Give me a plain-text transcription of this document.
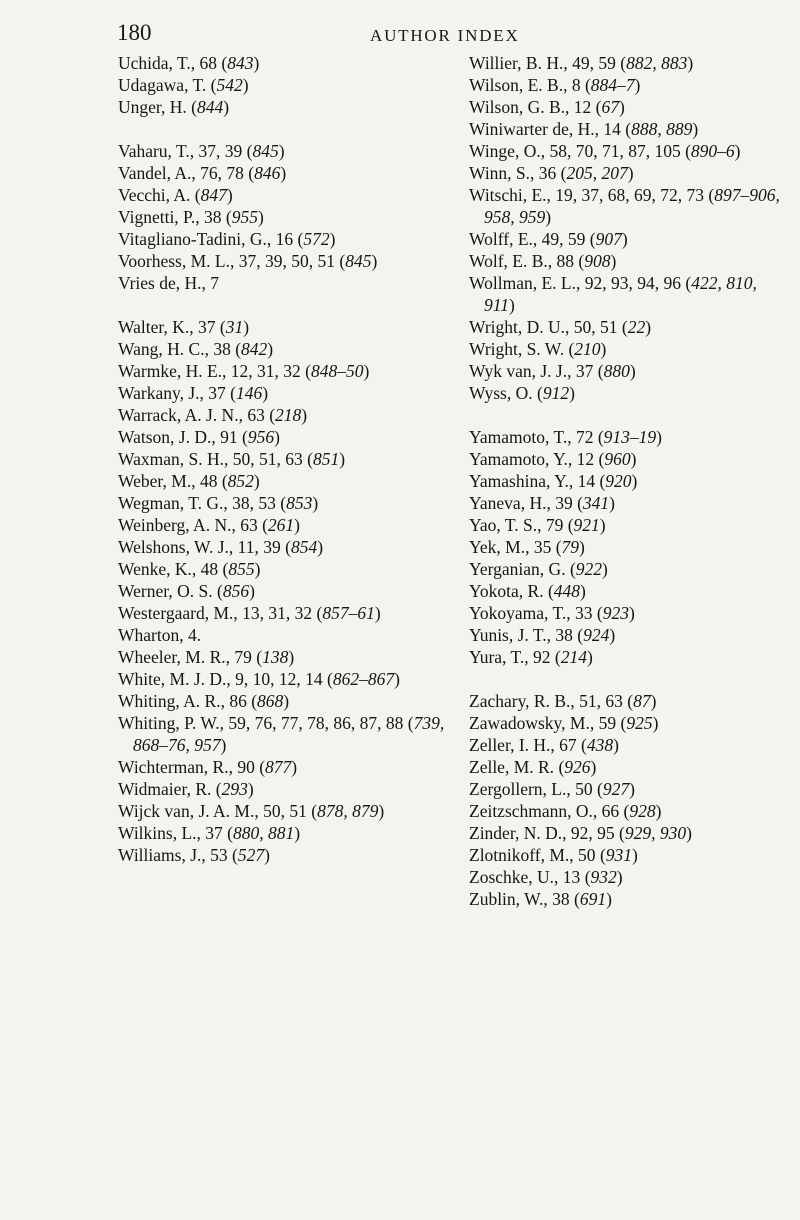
180	AUTHOR INDEX
Uchida, T., 68 (843)
Udagawa, T. (542)
Unger, H. (844)
Vaharu, T., 37, 39 (845)
Vandel, A., 76, 78 (846)
Vecchi, A. (847)
Vignetti, P., 38 (955)
Vitagliano-Tadini, G., 16 (572)
Voorhess, M. L., 37, 39, 50, 51 (845)
Vries de, H., 7
Walter, K., 37 (31)
Wang, H. C., 38 (842)
Warmke, H. E., 12, 31, 32 (848–50)
Warkany, J., 37 (146)
Warrack, A. J. N., 63 (218)
Watson, J. D., 91 (956)
Waxman, S. H., 50, 51, 63 (851)
Weber, M., 48 (852)
Wegman, T. G., 38, 53 (853)
Weinberg, A. N., 63 (261)
Welshons, W. J., 11, 39 (854)
Wenke, K., 48 (855)
Werner, O. S. (856)
Westergaard, M., 13, 31, 32 (857–61)
Wharton, 4.
Wheeler, M. R., 79 (138)
White, M. J. D., 9, 10, 12, 14 (862–867)
Whiting, A. R., 86 (868)
Whiting, P. W., 59, 76, 77, 78, 86, 87, 88 (739, 868–76, 957)
Wichterman, R., 90 (877)
Widmaier, R. (293)
Wijck van, J. A. M., 50, 51 (878, 879)
Wilkins, L., 37 (880, 881)
Williams, J., 53 (527)
Willier, B. H., 49, 59 (882, 883)
Wilson, E. B., 8 (884–7)
Wilson, G. B., 12 (67)
Winiwarter de, H., 14 (888, 889)
Winge, O., 58, 70, 71, 87, 105 (890–6)
Winn, S., 36 (205, 207)
Witschi, E., 19, 37, 68, 69, 72, 73 (897–906, 958, 959)
Wolff, E., 49, 59 (907)
Wolf, E. B., 88 (908)
Wollman, E. L., 92, 93, 94, 96 (422, 810, 911)
Wright, D. U., 50, 51 (22)
Wright, S. W. (210)
Wyk van, J. J., 37 (880)
Wyss, O. (912)
Yamamoto, T., 72 (913–19)
Yamamoto, Y., 12 (960)
Yamashina, Y., 14 (920)
Yaneva, H., 39 (341)
Yao, T. S., 79 (921)
Yek, M., 35 (79)
Yerganian, G. (922)
Yokota, R. (448)
Yokoyama, T., 33 (923)
Yunis, J. T., 38 (924)
Yura, T., 92 (214)
Zachary, R. B., 51, 63 (87)
Zawadowsky, M., 59 (925)
Zeller, I. H., 67 (438)
Zelle, M. R. (926)
Zergollern, L., 50 (927)
Zeitzschmann, O., 66 (928)
Zinder, N. D., 92, 95 (929, 930)
Zlotnikoff, M., 50 (931)
Zoschke, U., 13 (932)
Zublin, W., 38 (691)
